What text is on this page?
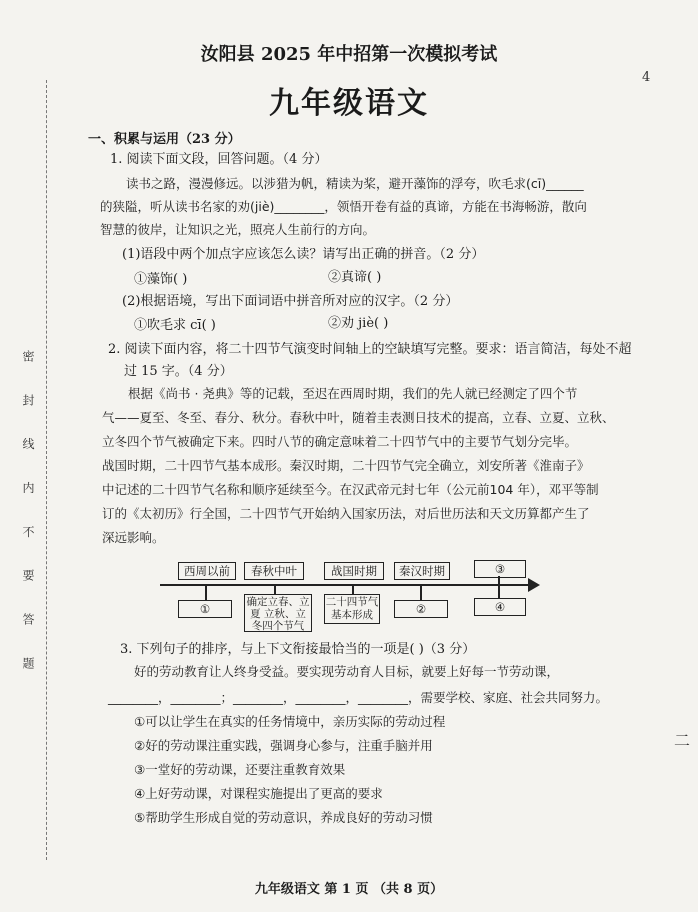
密 封 线 内 不 要 答 题
4
二
汝阳县 2025 年中招第一次模拟考试
九年级语文
一、积累与运用（23 分）
1. 阅读下面文段，回答问题。（4 分）
读书之路，漫漫修远。以涉猎为帆，精读为桨，避开藻饰的浮夸，吹毛求(cī)______
的狭隘，听从读书名家的劝(jiè)________，领悟开卷有益的真谛，方能在书海畅游，散向
智慧的彼岸，让知识之光，照亮人生前行的方向。
(1)语段中两个加点字应该怎么读？请写出正确的拼音。（2 分）
①藻饰( )	②真谛( )
(2)根据语境，写出下面词语中拼音所对应的汉字。（2 分）
①吹毛求 cī( )	②劝 jiè( )
2. 阅读下面内容，将二十四节气演变时间轴上的空缺填写完整。要求：语言简洁，每处不超
过 15 字。（4 分）
根据《尚书 · 尧典》等的记载，至迟在西周时期，我们的先人就已经测定了四个节
气——夏至、冬至、春分、秋分。春秋中叶，随着圭表测日技术的提高，立春、立夏、立秋、
立冬四个节气被确定下来。四时八节的确定意味着二十四节气中的主要节气划分完毕。
战国时期，二十四节气基本成形。秦汉时期，二十四节气完全确立，刘安所著《淮南子》
中记述的二十四节气名称和顺序延续至今。在汉武帝元封七年（公元前104 年），邓平等制
订的《太初历》行全国，二十四节气开始纳入国家历法，对后世历法和天文历算都产生了
深远影响。
西周以前	春秋中叶	战国时期	秦汉时期	③
①	确定立春、立夏 立秋、立冬四个节气
二十四节气基本形成	②	④
3. 下列句子的排序，与上下文衔接最恰当的一项是( )（3 分）
好的劳动教育让人终身受益。要实现劳动育人目标，就要上好每一节劳动课，
________，________；________，________，________，需要学校、家庭、社会共同努力。
①可以让学生在真实的任务情境中，亲历实际的劳动过程
②好的劳动课注重实践，强调身心参与，注重手脑并用
③一堂好的劳动课，还要注重教育效果
④上好劳动课，对课程实施提出了更高的要求
⑤帮助学生形成自觉的劳动意识，养成良好的劳动习惯
九年级语文 第 1 页 （共 8 页）
